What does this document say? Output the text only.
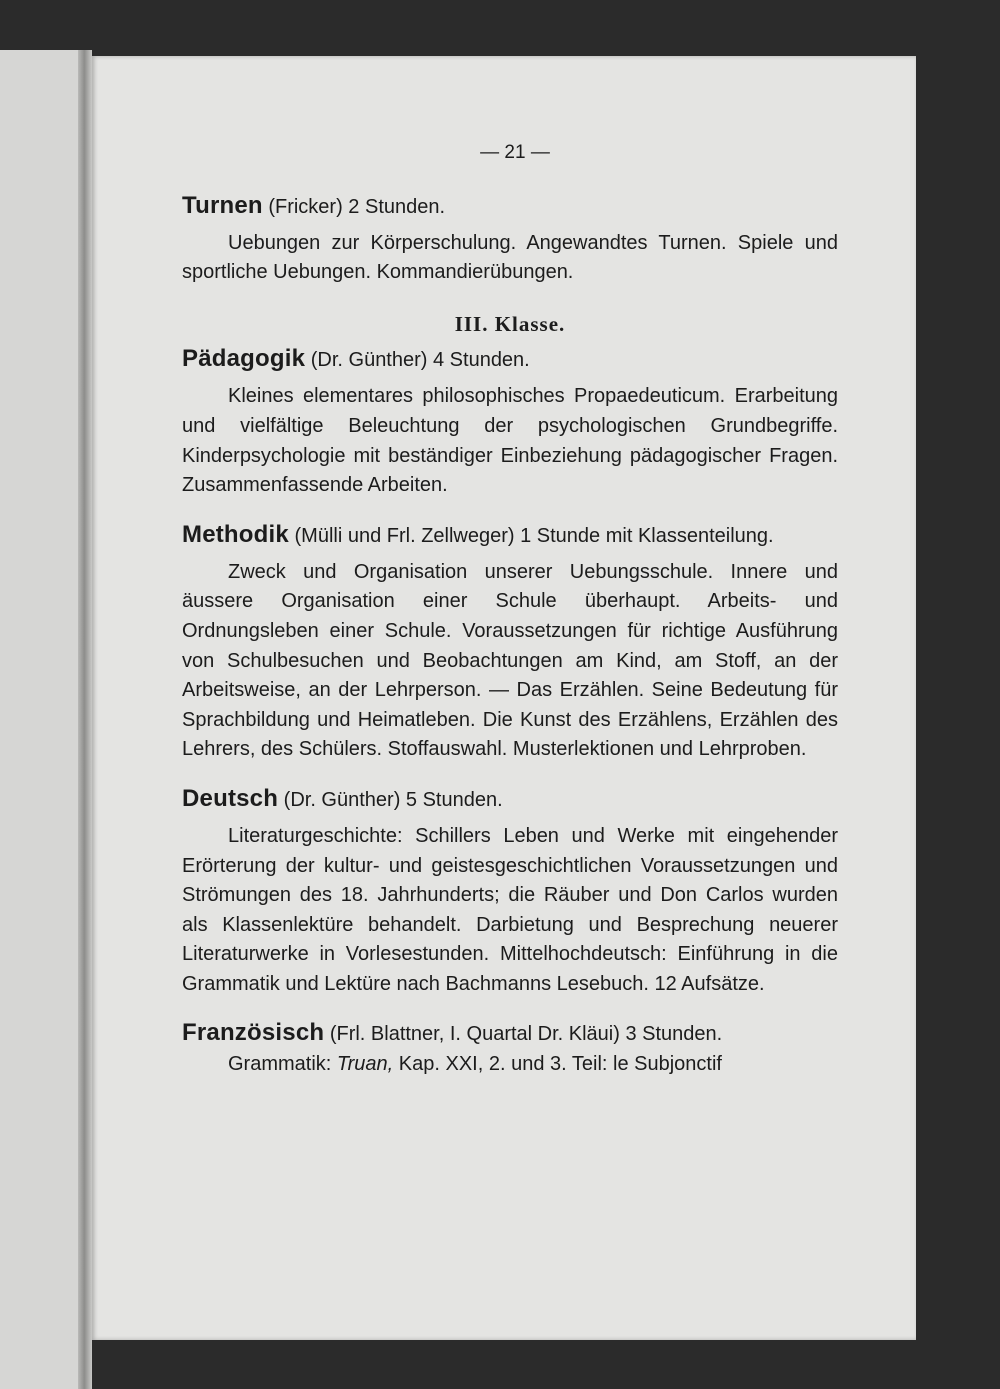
— 21 —

Turnen (Fricker) 2 Stunden.

Uebungen zur Körperschulung. Angewandtes Turnen. Spiele und sportliche Uebungen. Kommandierübungen.

III. Klasse.

Pädagogik (Dr. Günther) 4 Stunden.

Kleines elementares philosophisches Propaedeuticum. Erarbeitung und vielfältige Beleuchtung der psychologischen Grundbegriffe. Kinderpsychologie mit beständiger Einbeziehung pädagogischer Fragen. Zusammenfassende Arbeiten.

Methodik (Mülli und Frl. Zellweger) 1 Stunde mit Klassenteilung.

Zweck und Organisation unserer Uebungsschule. Innere und äussere Organisation einer Schule überhaupt. Arbeits- und Ordnungsleben einer Schule. Voraussetzungen für richtige Ausführung von Schulbesuchen und Beobachtungen am Kind, am Stoff, an der Arbeitsweise, an der Lehrperson. — Das Erzählen. Seine Bedeutung für Sprachbildung und Heimatleben. Die Kunst des Erzählens, Erzählen des Lehrers, des Schülers. Stoffauswahl. Musterlektionen und Lehrproben.

Deutsch (Dr. Günther) 5 Stunden.

Literaturgeschichte: Schillers Leben und Werke mit eingehender Erörterung der kultur- und geistesgeschichtlichen Voraussetzungen und Strömungen des 18. Jahrhunderts; die Räuber und Don Carlos wurden als Klassenlektüre behandelt. Darbietung und Besprechung neuerer Literaturwerke in Vorlesestunden. Mittelhochdeutsch: Einführung in die Grammatik und Lektüre nach Bachmanns Lesebuch. 12 Aufsätze.

Französisch (Frl. Blattner, I. Quartal Dr. Kläui) 3 Stunden.

Grammatik: Truan, Kap. XXI, 2. und 3. Teil: le Subjonctif
